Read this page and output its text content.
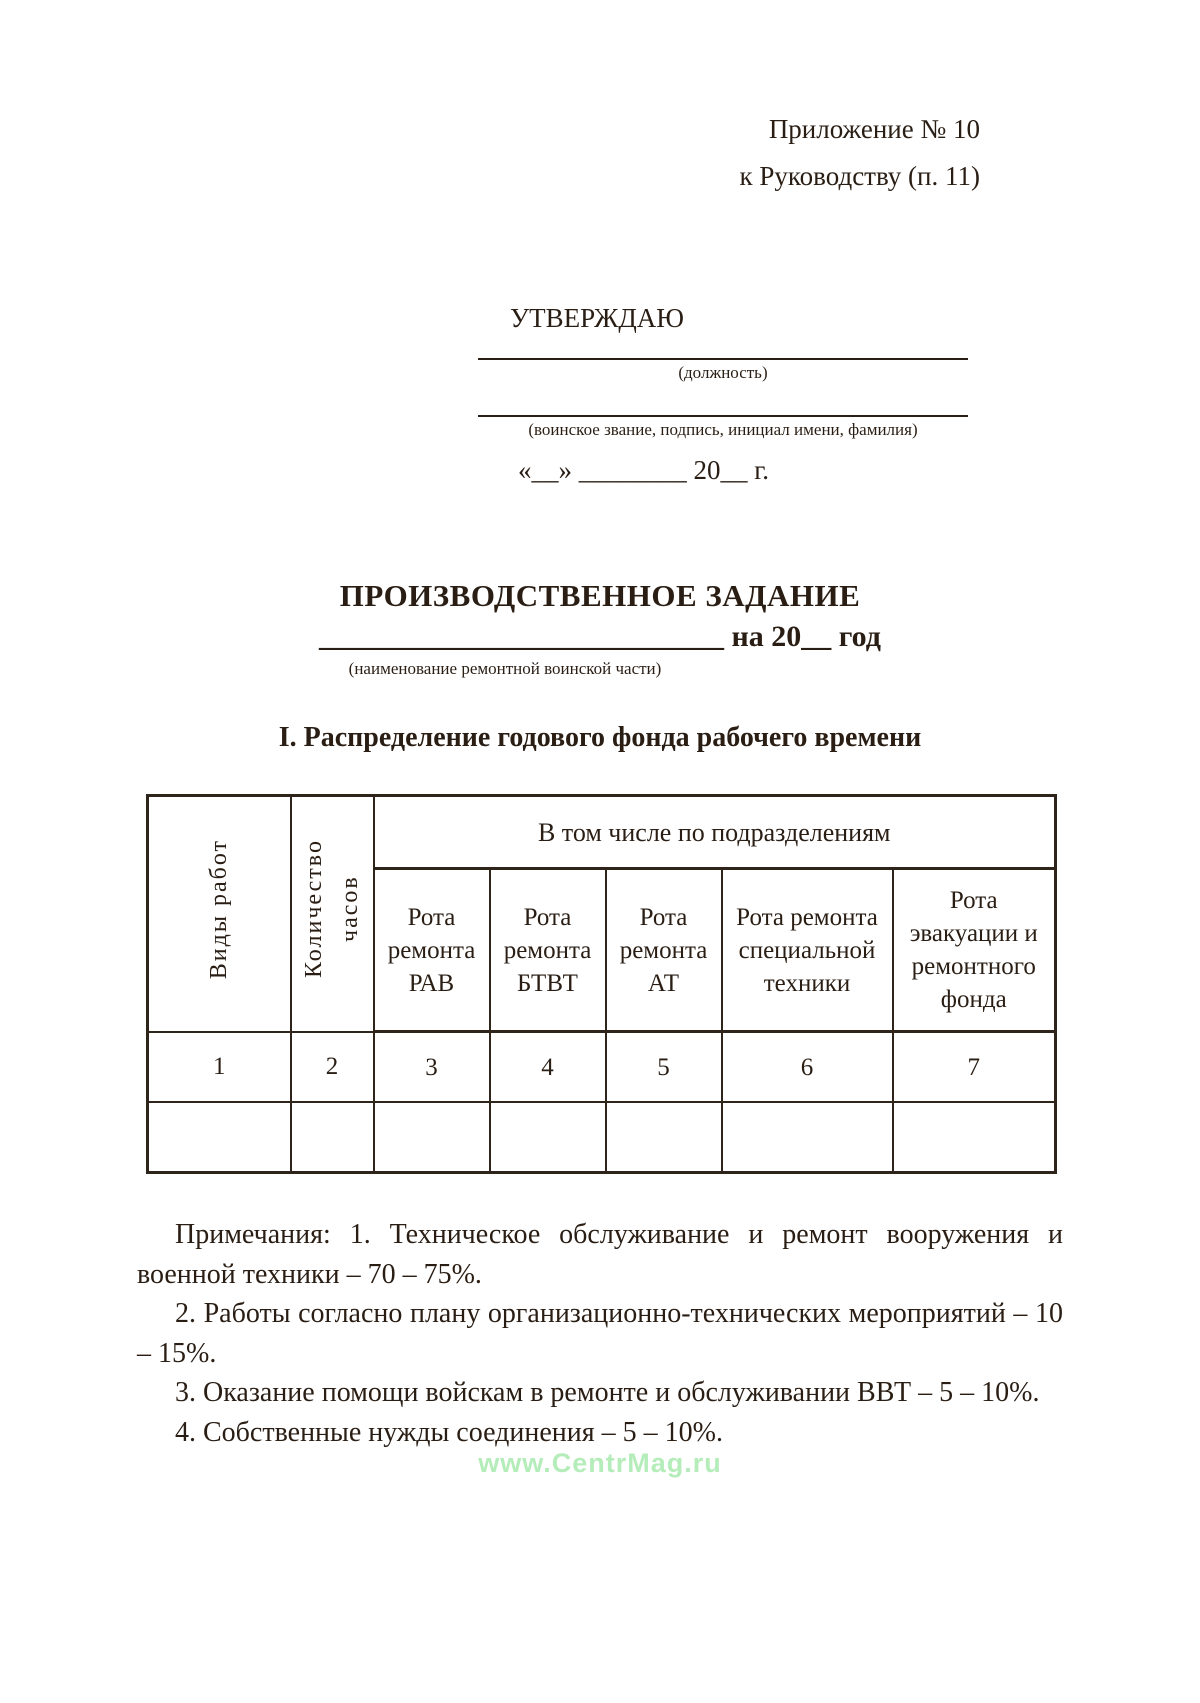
Приложение № 10
к Руководству (п. 11)
УТВЕРЖДАЮ
(должность)
(воинское звание, подпись, инициал имени, фамилия)
«__» ________ 20__ г.
ПРОИЗВОДСТВЕННОЕ ЗАДАНИЕ
___________________________ на 20__ год
(наименование ремонтной воинской части)
I. Распределение годового фонда рабочего времени
Виды работ	Количество часов	В том числе по подразделениям				
		Рота ремонта РАВ	Рота ремонта БТВТ	Рота ремонта АТ	Рота ремонта специальной техники	Рота эвакуации и ремонтного фонда
1	2	3	4	5	6	7

Примечания: 1. Техническое обслуживание и ремонт вооружения и военной техники – 70 – 75%.

2. Работы согласно плану организационно-технических мероприятий – 10 – 15%.

3. Оказание помощи войскам в ремонте и обслуживании ВВТ – 5 – 10%.

4. Собственные нужды соединения – 5 – 10%.

www.CentrMag.ru
